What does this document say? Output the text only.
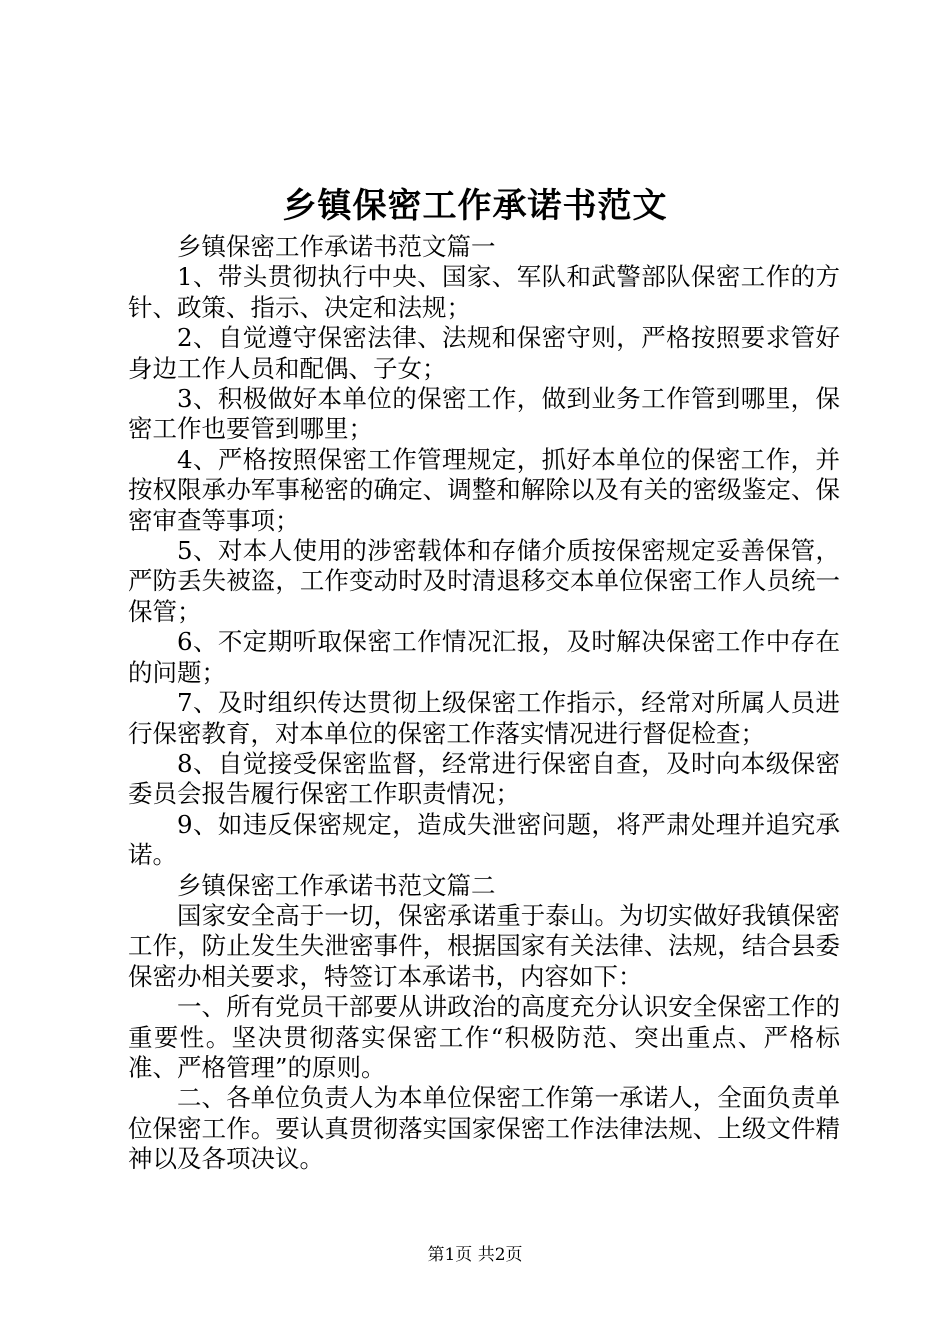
乡镇保密工作承诺书范文

乡镇保密工作承诺书范文篇一

1、带头贯彻执行中央、国家、军队和武警部队保密工作的方针、政策、指示、决定和法规；

2、自觉遵守保密法律、法规和保密守则，严格按照要求管好身边工作人员和配偶、子女；

3、积极做好本单位的保密工作，做到业务工作管到哪里，保密工作也要管到哪里；

4、严格按照保密工作管理规定，抓好本单位的保密工作，并按权限承办军事秘密的确定、调整和解除以及有关的密级鉴定、保密审查等事项；

5、对本人使用的涉密载体和存储介质按保密规定妥善保管，严防丢失被盗，工作变动时及时清退移交本单位保密工作人员统一保管；

6、不定期听取保密工作情况汇报，及时解决保密工作中存在的问题；

7、及时组织传达贯彻上级保密工作指示，经常对所属人员进行保密教育，对本单位的保密工作落实情况进行督促检查；

8、自觉接受保密监督，经常进行保密自查，及时向本级保密委员会报告履行保密工作职责情况；

9、如违反保密规定，造成失泄密问题，将严肃处理并追究承诺。

乡镇保密工作承诺书范文篇二

国家安全高于一切，保密承诺重于泰山。为切实做好我镇保密工作，防止发生失泄密事件，根据国家有关法律、法规，结合县委保密办相关要求，特签订本承诺书，内容如下：

一、所有党员干部要从讲政治的高度充分认识安全保密工作的重要性。坚决贯彻落实保密工作“积极防范、突出重点、严格标准、严格管理”的原则。

二、各单位负责人为本单位保密工作第一承诺人，全面负责单位保密工作。要认真贯彻落实国家保密工作法律法规、上级文件精神以及各项决议。

第1页 共2页
